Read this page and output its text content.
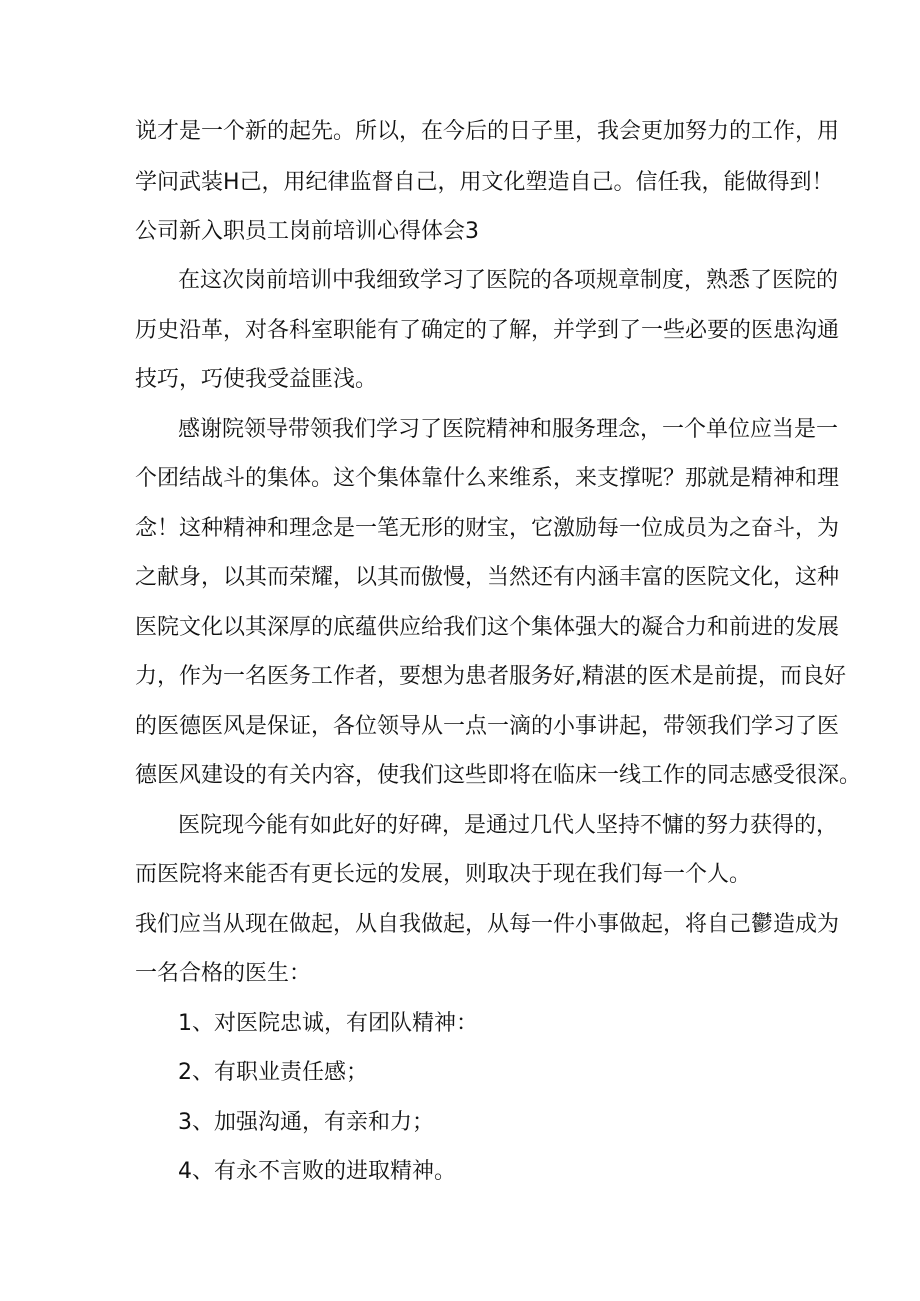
说才是一个新的起先。所以，在今后的日子里，我会更加努力的工作，用
学问武装H己，用纪律监督自己，用文化塑造自己。信任我，能做得到！
公司新入职员工岗前培训心得体会3
在这次岗前培训中我细致学习了医院的各项规章制度，熟悉了医院的
历史沿革，对各科室职能有了确定的了解，并学到了一些必要的医患沟通
技巧，巧使我受益匪浅。
感谢院领导带领我们学习了医院精神和服务理念，一个单位应当是一
个团结战斗的集体。这个集体靠什么来维系，来支撑呢？那就是精神和理
念！这种精神和理念是一笔无形的财宝，它激励每一位成员为之奋斗，为
之献身，以其而荣耀，以其而傲慢，当然还有内涵丰富的医院文化，这种
医院文化以其深厚的底蕴供应给我们这个集体强大的凝合力和前进的发展
力，作为一名医务工作者，要想为患者服务好,精湛的医术是前提，而良好
的医德医风是保证，各位领导从一点一滴的小事讲起，带领我们学习了医
德医风建设的有关内容，使我们这些即将在临床一线工作的同志感受很深。
医院现今能有如此好的好碑，是通过几代人坚持不慵的努力获得的，
而医院将来能否有更长远的发展，则取决于现在我们每一个人。
我们应当从现在做起，从自我做起，从每一件小事做起，将自己鬱造成为
一名合格的医生：
1、对医院忠诚，有团队精神：
2、有职业责任感；
3、加强沟通，有亲和力；
4、有永不言败的进取精神。
